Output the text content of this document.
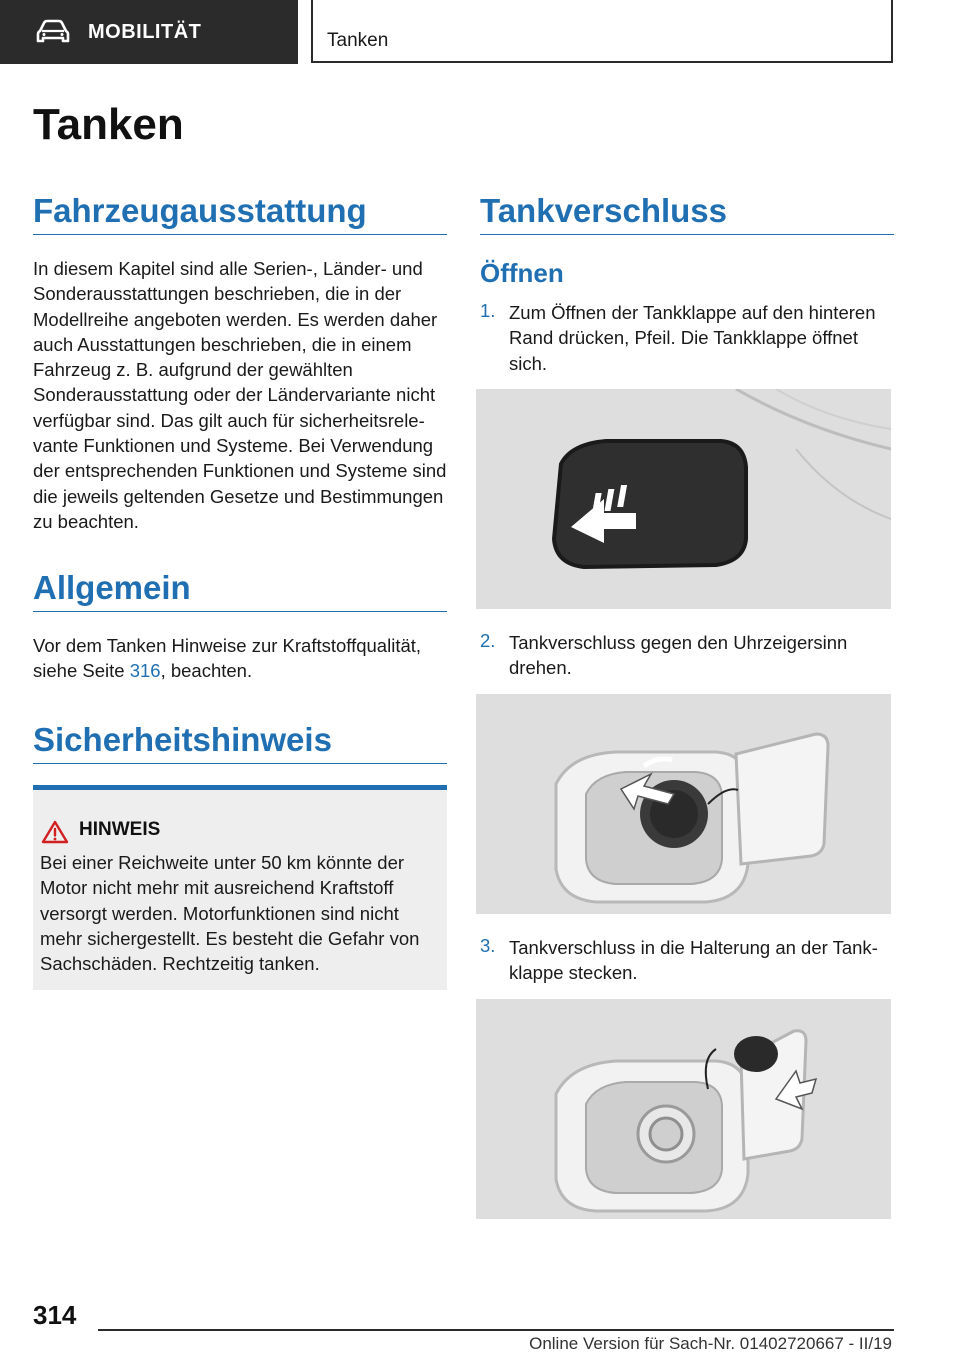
MOBILITÄT	Tanken
Tanken
Fahrzeugausstattung

In diesem Kapitel sind alle Serien-, Länder- und Sonderausstattungen beschrieben, die in der Modellreihe angeboten werden. Es werden daher auch Ausstattungen beschrieben, die in einem Fahrzeug z. B. aufgrund der gewählten Sonderausstattung oder der Ländervariante nicht verfügbar sind. Das gilt auch für sicherheitsrelevante Funktionen und Systeme. Bei Verwendung der entsprechenden Funktionen und Systeme sind die jeweils geltenden Gesetze und Bestimmungen zu beachten.

Allgemein

Vor dem Tanken Hinweise zur Kraftstoffqualität, siehe Seite 316, beachten.

Sicherheitshinweis
HINWEIS

Bei einer Reichweite unter 50 km könnte der Motor nicht mehr mit ausreichend Kraftstoff versorgt werden. Motorfunktionen sind nicht mehr sichergestellt. Es besteht die Gefahr von Sachschäden. Rechtzeitig tanken.

Tankverschluss
Öffnen
1. Zum Öffnen der Tankklappe auf den hinteren Rand drücken, Pfeil. Die Tankklappe öffnet sich.

2. Tankverschluss gegen den Uhrzeigersinn drehen.

3. Tankverschluss in die Halterung an der Tankklappe stecken.

314
Online Version für Sach-Nr. 01402720667 - II/19
